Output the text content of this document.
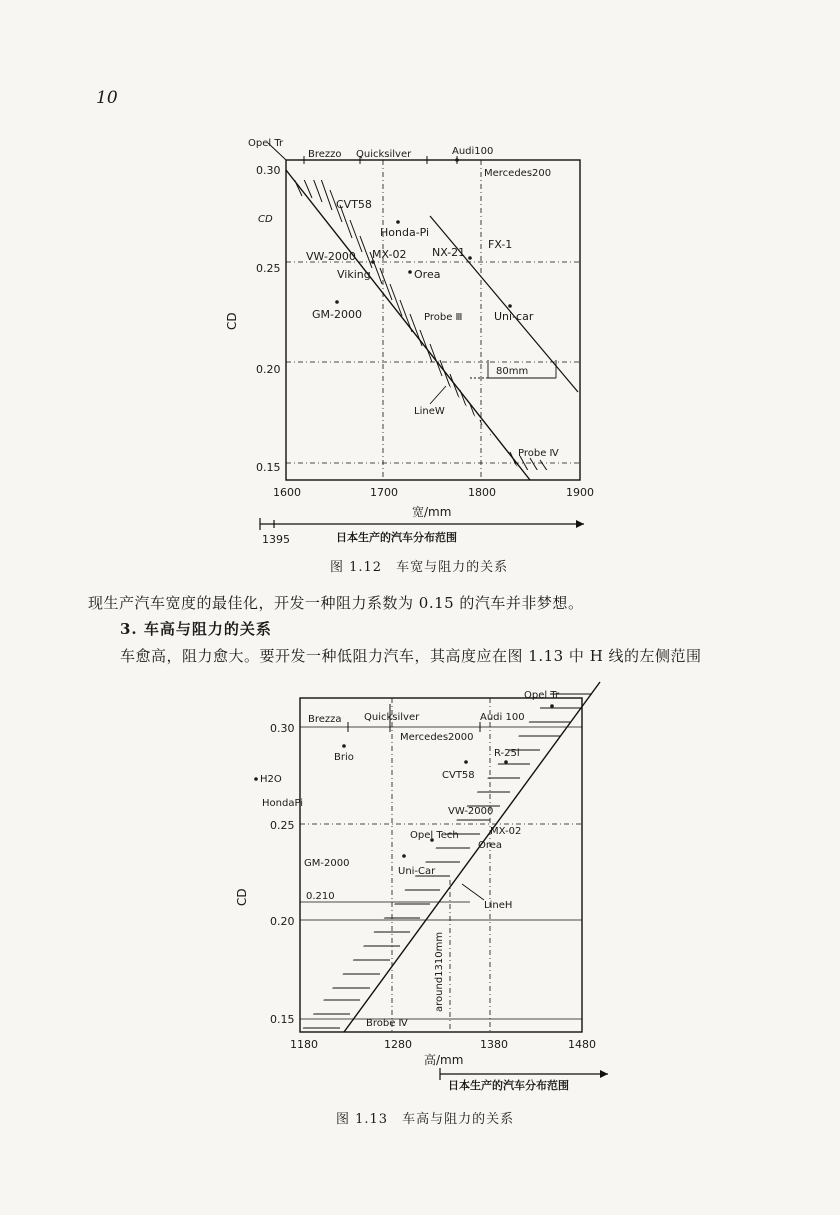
10
0.30
0.25
0.20
0.15
1600	1700	1800	1900
宽/mm
CD
CD
Opel Tr
Brezzo Quicksilver	Audi100
Mercedes200
CVT58
Honda-Pi
VW-2000 MX-02 NX-21
FX-1
Viking	Orea
GM-2000	Probe Ⅲ	Uni-car
Probe Ⅳ
80mm
LineW
1395	日本生产的汽车分布范围
图 1.12　车宽与阻力的关系
现生产汽车宽度的最佳化，开发一种阻力系数为 0.15 的汽车并非梦想。
3. 车高与阻力的关系
车愈高，阻力愈大。要开发一种低阻力汽车，其高度应在图 1.13 中 H 线的左侧范围
0.30
0.25
0.20
0.15
1180	1280	1380	1480
高/mm
CD
Opel Tr
Brezza Quicksilver	Audi 100
Mercedes2000
Brio	R-25i
H2O	CVT58
HondaPi
VW-2000
Opel Tech	MX-02
Orea
GM-2000
Uni-Car
Brobe Ⅳ
0.210
LineH
around1310mm
日本生产的汽车分布范围
图 1.13　车高与阻力的关系
